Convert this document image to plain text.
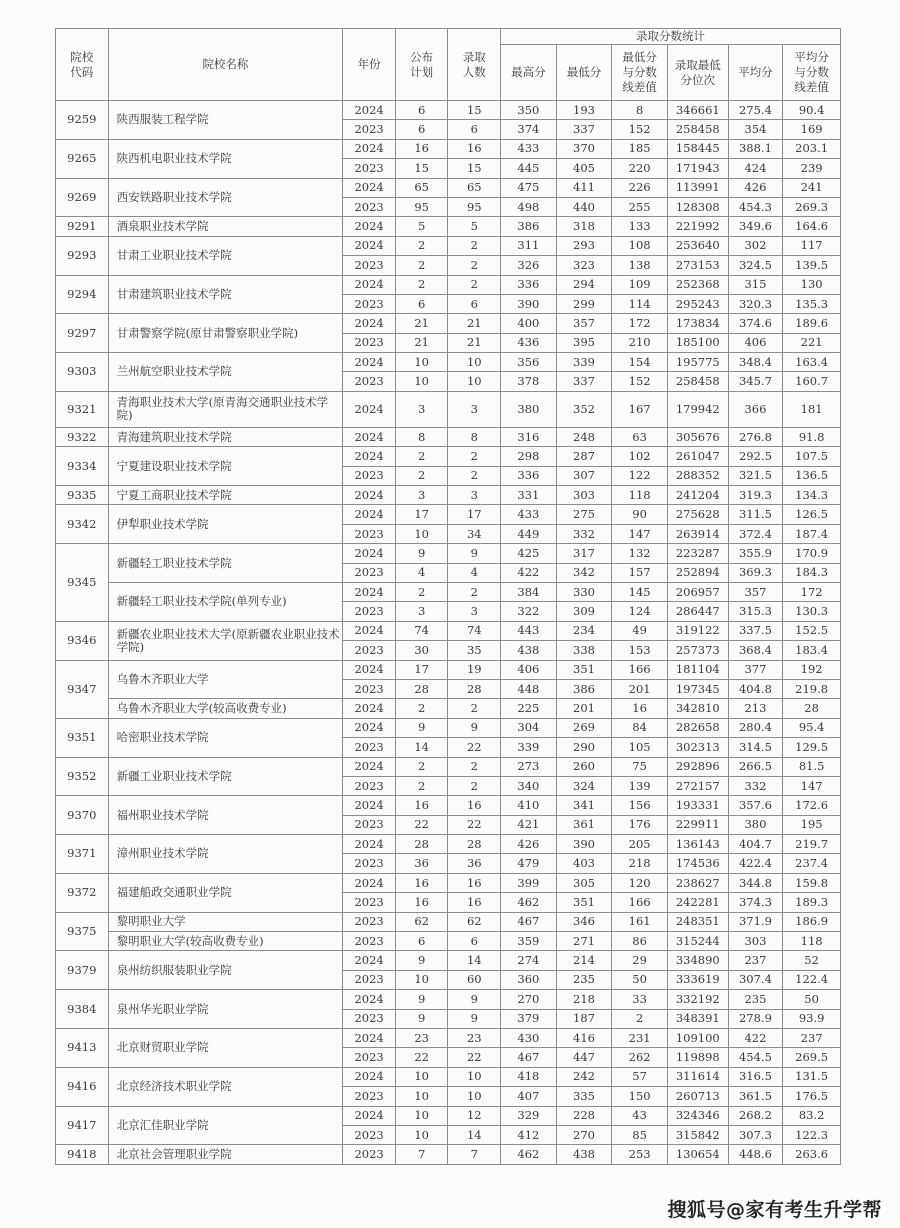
院校代码	院校名称	年份	公布计划	录取人数	录取分数统计					
					最高分	最低分	最低分与分数线差值	录取最低分位次	平均分	平均分与分数线差值
9259	陕西服装工程学院	2024	6	15	350	193	8	346661	275.4	90.4
		2023	6	6	374	337	152	258458	354	169
9265	陕西机电职业技术学院	2024	16	16	433	370	185	158445	388.1	203.1
		2023	15	15	445	405	220	171943	424	239
9269	西安铁路职业技术学院	2024	65	65	475	411	226	113991	426	241
		2023	95	95	498	440	255	128308	454.3	269.3
9291	酒泉职业技术学院	2024	5	5	386	318	133	221992	349.6	164.6
9293	甘肃工业职业技术学院	2024	2	2	311	293	108	253640	302	117
		2023	2	2	326	323	138	273153	324.5	139.5
9294	甘肃建筑职业技术学院	2024	2	2	336	294	109	252368	315	130
		2023	6	6	390	299	114	295243	320.3	135.3
9297	甘肃警察学院(原甘肃警察职业学院)	2024	21	21	400	357	172	173834	374.6	189.6
		2023	21	21	436	395	210	185100	406	221
9303	兰州航空职业技术学院	2024	10	10	356	339	154	195775	348.4	163.4
		2023	10	10	378	337	152	258458	345.7	160.7
9321	青海职业技术大学(原青海交通职业技术学院)	2024	3	3	380	352	167	179942	366	181
9322	青海建筑职业技术学院	2024	8	8	316	248	63	305676	276.8	91.8
9334	宁夏建设职业技术学院	2024	2	2	298	287	102	261047	292.5	107.5
		2023	2	2	336	307	122	288352	321.5	136.5
9335	宁夏工商职业技术学院	2024	3	3	331	303	118	241204	319.3	134.3
9342	伊犁职业技术学院	2024	17	17	433	275	90	275628	311.5	126.5
		2023	10	34	449	332	147	263914	372.4	187.4
9345	新疆轻工职业技术学院	2024	9	9	425	317	132	223287	355.9	170.9
		2023	4	4	422	342	157	252894	369.3	184.3
	新疆轻工职业技术学院(单列专业)	2024	2	2	384	330	145	206957	357	172
		2023	3	3	322	309	124	286447	315.3	130.3
9346	新疆农业职业技术大学(原新疆农业职业技术学院)	2024	74	74	443	234	49	319122	337.5	152.5
		2023	30	35	438	338	153	257373	368.4	183.4
9347	乌鲁木齐职业大学	2024	17	19	406	351	166	181104	377	192
		2023	28	28	448	386	201	197345	404.8	219.8
	乌鲁木齐职业大学(较高收费专业)	2024	2	2	225	201	16	342810	213	28
9351	哈密职业技术学院	2024	9	9	304	269	84	282658	280.4	95.4
		2023	14	22	339	290	105	302313	314.5	129.5
9352	新疆工业职业技术学院	2024	2	2	273	260	75	292896	266.5	81.5
		2023	2	2	340	324	139	272157	332	147
9370	福州职业技术学院	2024	16	16	410	341	156	193331	357.6	172.6
		2023	22	22	421	361	176	229911	380	195
9371	漳州职业技术学院	2024	28	28	426	390	205	136143	404.7	219.7
		2023	36	36	479	403	218	174536	422.4	237.4
9372	福建船政交通职业学院	2024	16	16	399	305	120	238627	344.8	159.8
		2023	16	16	462	351	166	242281	374.3	189.3
9375	黎明职业大学	2023	62	62	467	346	161	248351	371.9	186.9
	黎明职业大学(较高收费专业)	2023	6	6	359	271	86	315244	303	118
9379	泉州纺织服装职业学院	2024	9	14	274	214	29	334890	237	52
		2023	10	60	360	235	50	333619	307.4	122.4
9384	泉州华光职业学院	2024	9	9	270	218	33	332192	235	50
		2023	9	9	379	187	2	348391	278.9	93.9
9413	北京财贸职业学院	2024	23	23	430	416	231	109100	422	237
		2023	22	22	467	447	262	119898	454.5	269.5
9416	北京经济技术职业学院	2024	10	10	418	242	57	311614	316.5	131.5
		2023	10	10	407	335	150	260713	361.5	176.5
9417	北京汇佳职业学院	2024	10	12	329	228	43	324346	268.2	83.2
		2023	10	14	412	270	85	315842	307.3	122.3
9418	北京社会管理职业学院	2023	7	7	462	438	253	130654	448.6	263.6
搜狐号@家有考生升学帮
